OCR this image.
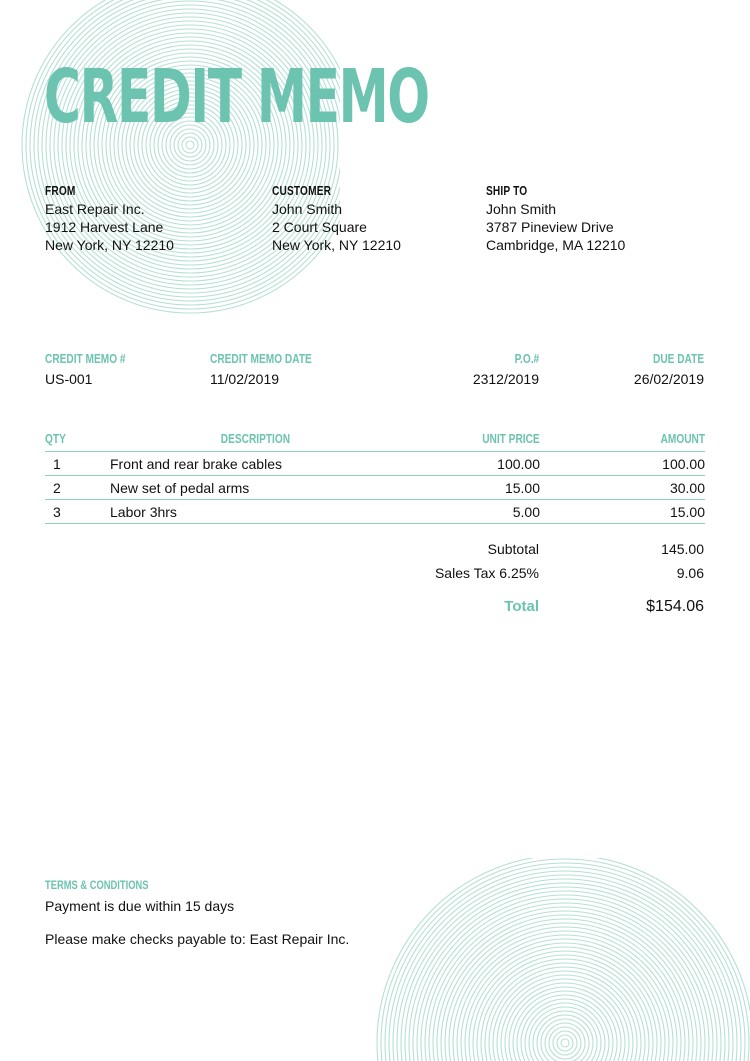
CREDIT MEMO
FROM
East Repair Inc.
1912 Harvest Lane
New York, NY 12210
CUSTOMER
John Smith
2 Court Square
New York, NY 12210
SHIP TO
John Smith
3787 Pineview Drive
Cambridge, MA 12210
CREDIT MEMO #
US-001
CREDIT MEMO DATE
11/02/2019
P.O.#
2312/2019
DUE DATE
26/02/2019
QTY	DESCRIPTION	UNIT PRICE	AMOUNT
1	Front and rear brake cables	100.00	100.00
2	New set of pedal arms	15.00	30.00
3	Labor 3hrs	5.00	15.00
Subtotal	145.00
Sales Tax 6.25%	9.06
Total	$154.06
TERMS & CONDITIONS
Payment is due within 15 days
Please make checks payable to: East Repair Inc.
